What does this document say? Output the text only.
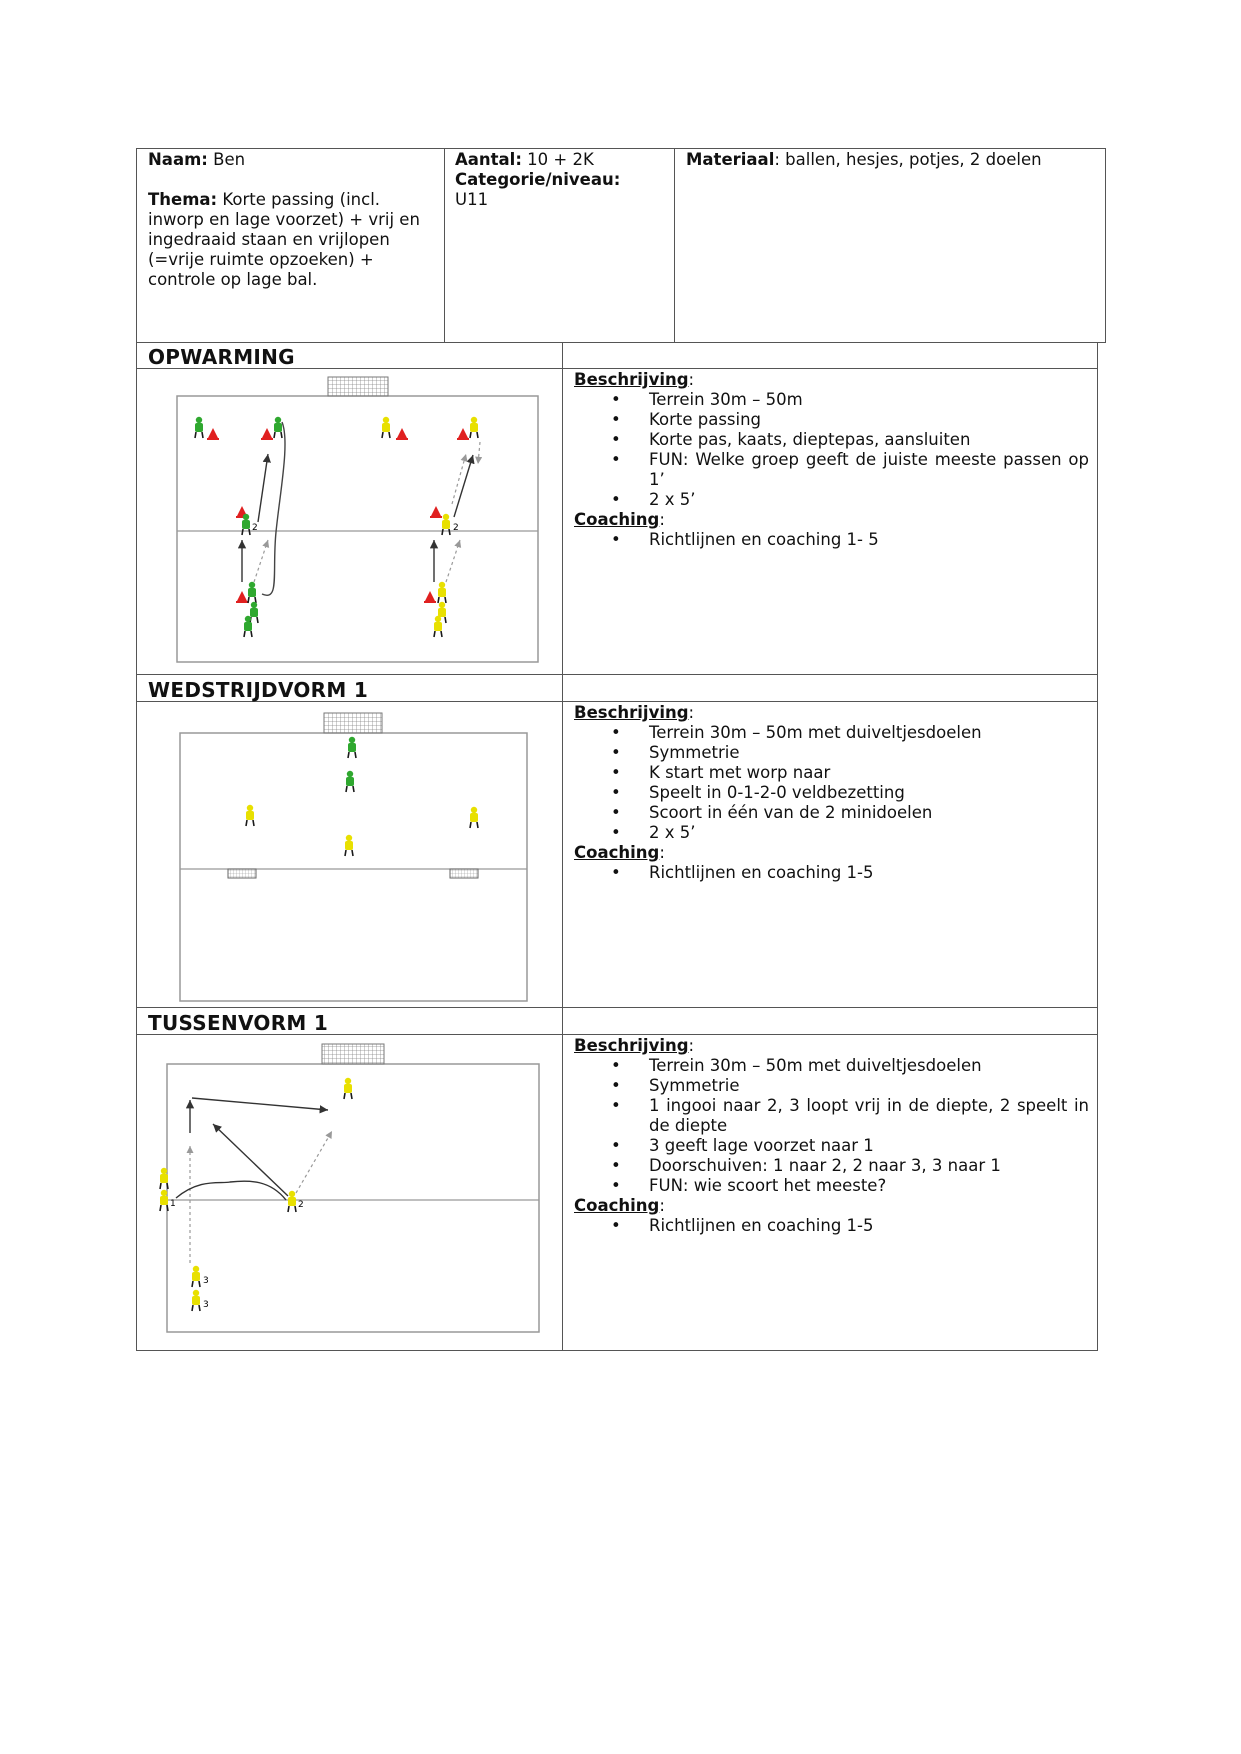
Naam: Ben
Thema: Korte passing (incl. inworp en lage voorzet) + vrij en ingedraaid staan en vrijlopen (=vrije ruimte opzoeken) + controle op lage bal.
Aantal: 10 + 2K
Categorie/niveau:
U11
Materiaal: ballen, hesjes, potjes, 2 doelen
OPWARMING
WEDSTRIJDVORM 1
TUSSENVORM 1
Beschrijving:
• Terrein 30m – 50m
• Korte passing
• Korte pas, kaats, dieptepas, aansluiten
• FUN: Welke groep geeft de juiste meeste passen op 1’
• 2 x 5’
Coaching:
• Richtlijnen en coaching 1- 5
Beschrijving:
• Terrein 30m – 50m met duiveltjesdoelen
• Symmetrie
• K start met worp naar
• Speelt in 0-1-2-0 veldbezetting
• Scoort in één van de 2 minidoelen
• 2 x 5’
Coaching:
• Richtlijnen en coaching 1-5
Beschrijving:
• Terrein 30m – 50m met duiveltjesdoelen
• Symmetrie
• 1 ingooi naar 2, 3 loopt vrij in de diepte, 2 speelt in de diepte
• 3 geeft lage voorzet naar 1
• Doorschuiven: 1 naar 2, 2 naar 3, 3 naar 1
• FUN: wie scoort het meeste?
Coaching:
• Richtlijnen en coaching 1-5
2	2
1	2
3
3
